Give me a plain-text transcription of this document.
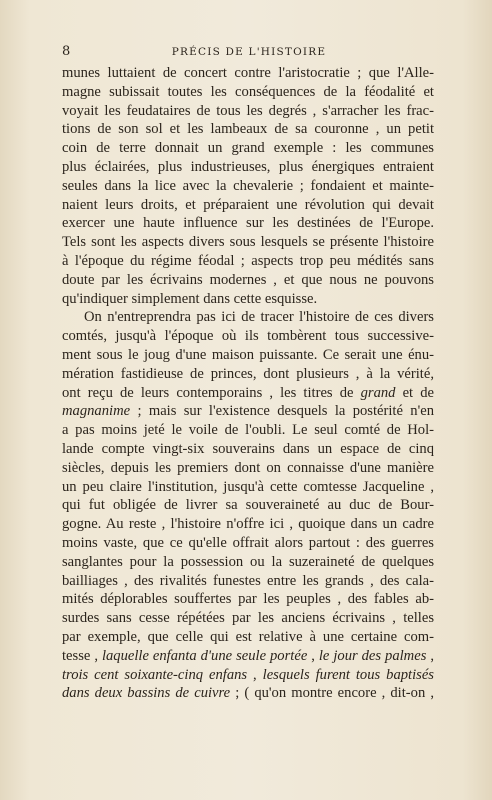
8	PRÉCIS DE L'HISTOIRE

munes luttaient de concert contre l'aristocratie ; que l'Alle-
magne subissait toutes les conséquences de la féodalité et
voyait les feudataires de tous les degrés , s'arracher les frac-
tions de son sol et les lambeaux de sa couronne , un petit
coin de terre donnait un grand exemple : les communes
plus éclairées, plus industrieuses, plus énergiques entraient
seules dans la lice avec la chevalerie ; fondaient et mainte-
naient leurs droits, et préparaient une révolution qui devait
exercer une haute influence sur les destinées de l'Europe.
Tels sont les aspects divers sous lesquels se présente l'histoire
à l'époque du régime féodal ; aspects trop peu médités sans
doute par les écrivains modernes , et que nous ne pouvons
qu'indiquer simplement dans cette esquisse.

On n'entreprendra pas ici de tracer l'histoire de ces divers
comtés, jusqu'à l'époque où ils tombèrent tous successive-
ment sous le joug d'une maison puissante. Ce serait une énu-
mération fastidieuse de princes, dont plusieurs , à la vérité,
ont reçu de leurs contemporains , les titres de grand et de
magnanime ; mais sur l'existence desquels la postérité n'en
a pas moins jeté le voile de l'oubli. Le seul comté de Hol-
lande compte vingt-six souverains dans un espace de cinq
siècles, depuis les premiers dont on connaisse d'une manière
un peu claire l'institution, jusqu'à cette comtesse Jacqueline ,
qui fut obligée de livrer sa souveraineté au duc de Bour-
gogne. Au reste , l'histoire n'offre ici , quoique dans un cadre
moins vaste, que ce qu'elle offrait alors partout : des guerres
sanglantes pour la possession ou la suzeraineté de quelques
bailliages , des rivalités funestes entre les grands , des cala-
mités déplorables souffertes par les peuples , des fables ab-
surdes sans cesse répétées par les anciens écrivains , telles
par exemple, que celle qui est relative à une certaine com-
tesse , laquelle enfanta d'une seule portée , le jour des palmes ,
trois cent soixante-cinq enfans , lesquels furent tous baptisés
dans deux bassins de cuivre ; ( qu'on montre encore , dit-on ,
